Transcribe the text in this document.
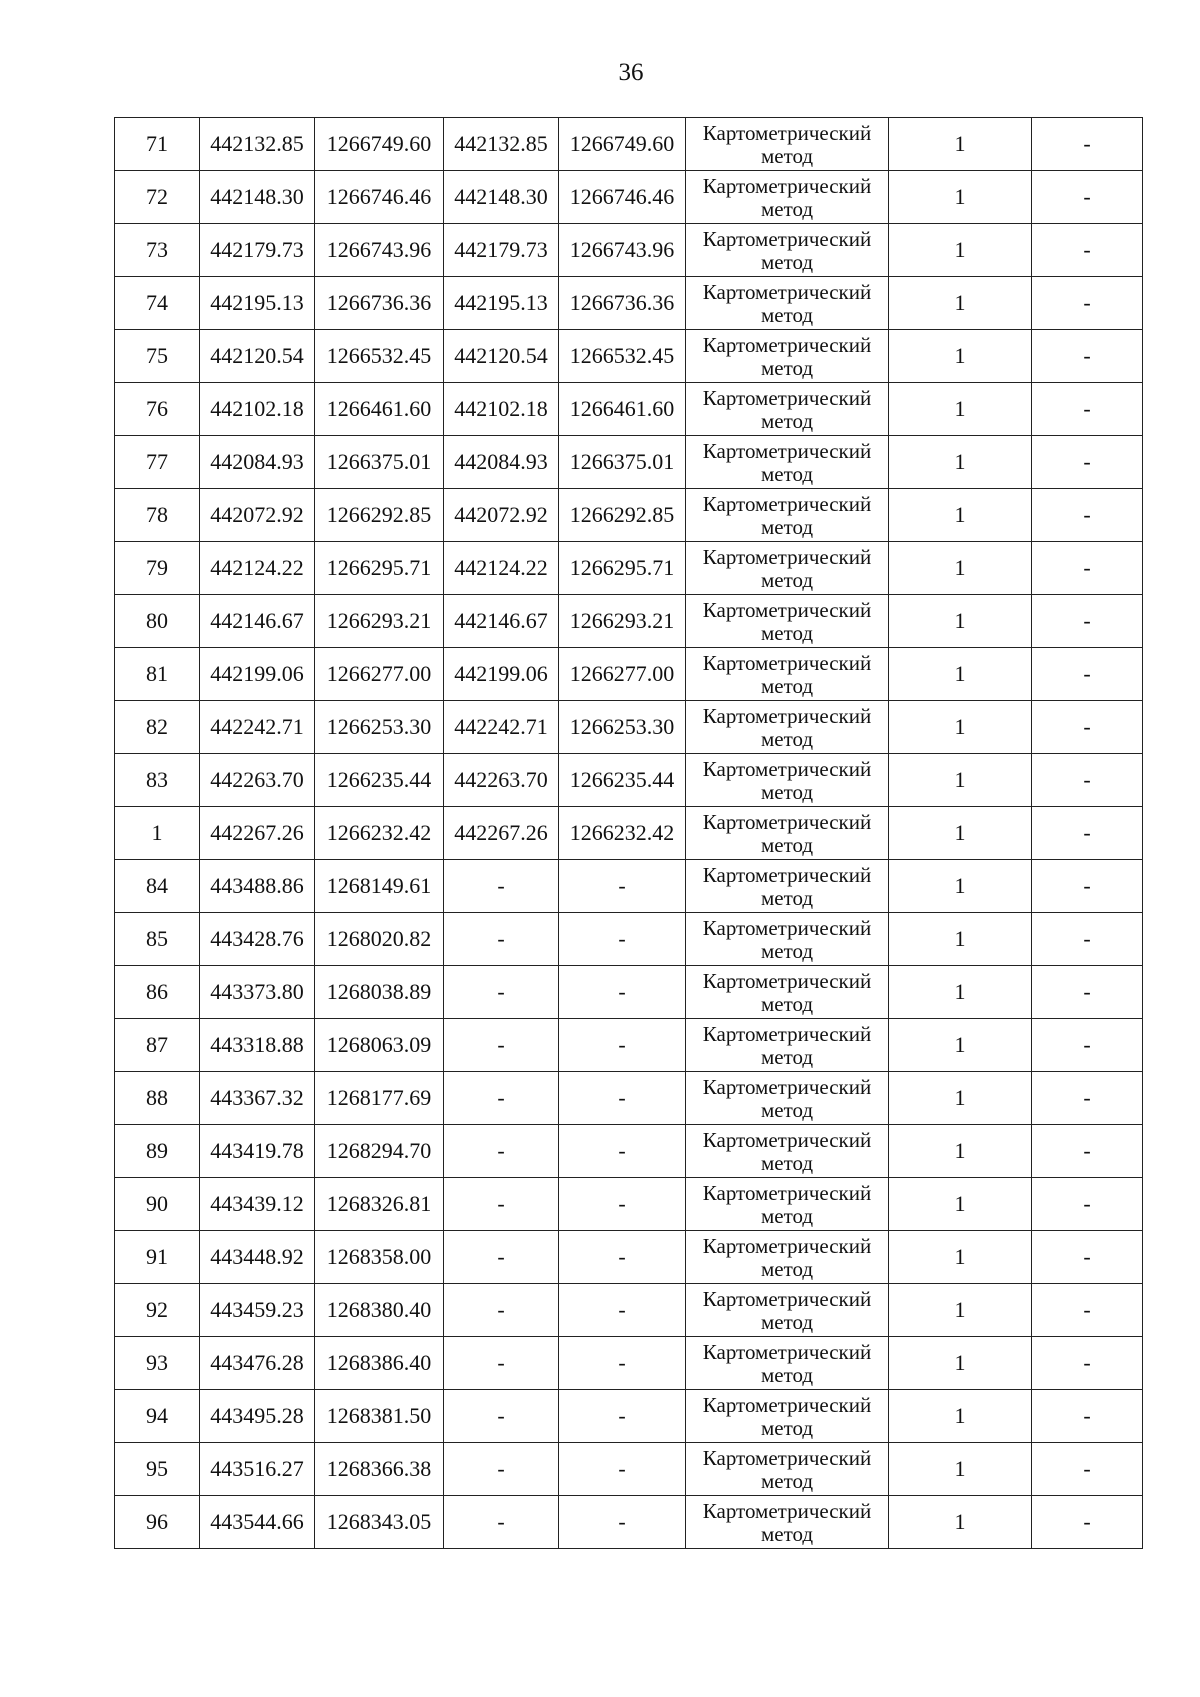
36
71	442132.85	1266749.60	442132.85	1266749.60	Картометрический
метод	1	-
72	442148.30	1266746.46	442148.30	1266746.46	Картометрический
метод	1	-
73	442179.73	1266743.96	442179.73	1266743.96	Картометрический
метод	1	-
74	442195.13	1266736.36	442195.13	1266736.36	Картометрический
метод	1	-
75	442120.54	1266532.45	442120.54	1266532.45	Картометрический
метод	1	-
76	442102.18	1266461.60	442102.18	1266461.60	Картометрический
метод	1	-
77	442084.93	1266375.01	442084.93	1266375.01	Картометрический
метод	1	-
78	442072.92	1266292.85	442072.92	1266292.85	Картометрический
метод	1	-
79	442124.22	1266295.71	442124.22	1266295.71	Картометрический
метод	1	-
80	442146.67	1266293.21	442146.67	1266293.21	Картометрический
метод	1	-
81	442199.06	1266277.00	442199.06	1266277.00	Картометрический
метод	1	-
82	442242.71	1266253.30	442242.71	1266253.30	Картометрический
метод	1	-
83	442263.70	1266235.44	442263.70	1266235.44	Картометрический
метод	1	-
1	442267.26	1266232.42	442267.26	1266232.42	Картометрический
метод	1	-
84	443488.86	1268149.61	-	-	Картометрический
метод	1	-
85	443428.76	1268020.82	-	-	Картометрический
метод	1	-
86	443373.80	1268038.89	-	-	Картометрический
метод	1	-
87	443318.88	1268063.09	-	-	Картометрический
метод	1	-
88	443367.32	1268177.69	-	-	Картометрический
метод	1	-
89	443419.78	1268294.70	-	-	Картометрический
метод	1	-
90	443439.12	1268326.81	-	-	Картометрический
метод	1	-
91	443448.92	1268358.00	-	-	Картометрический
метод	1	-
92	443459.23	1268380.40	-	-	Картометрический
метод	1	-
93	443476.28	1268386.40	-	-	Картометрический
метод	1	-
94	443495.28	1268381.50	-	-	Картометрический
метод	1	-
95	443516.27	1268366.38	-	-	Картометрический
метод	1	-
96	443544.66	1268343.05	-	-	Картометрический
метод	1	-
